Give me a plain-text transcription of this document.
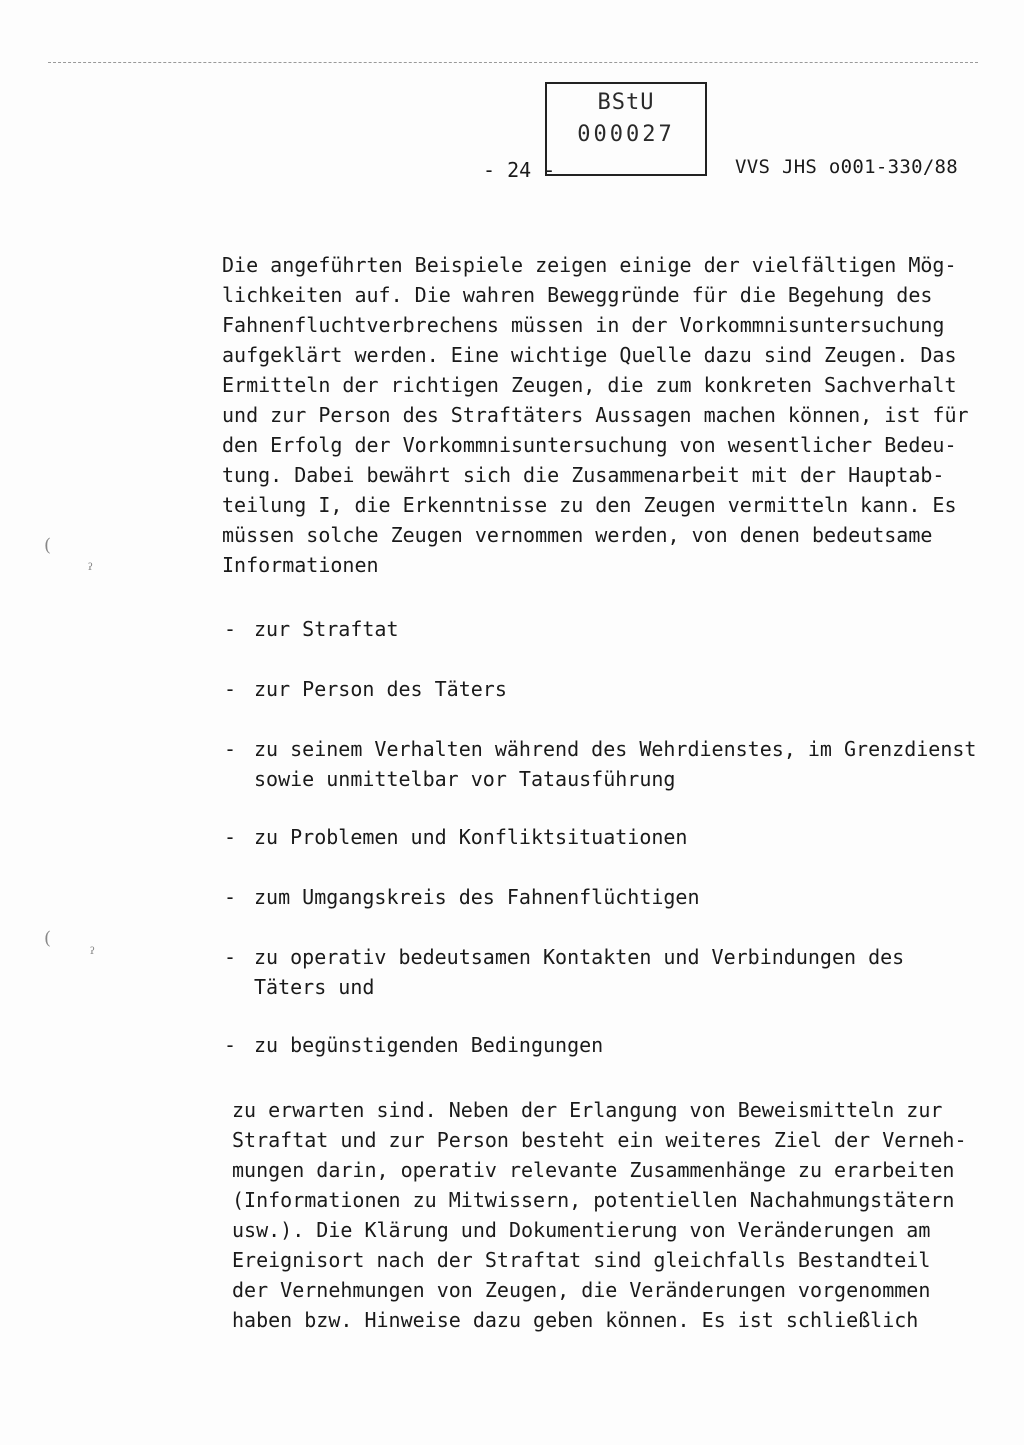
BStU
000027
- 24 -	VVS JHS o001-330/88
(
ˀ
(
ˀ

Die angeführten Beispiele zeigen einige der vielfältigen Mög-
lichkeiten auf. Die wahren Beweggründe für die Begehung des
Fahnenfluchtverbrechens müssen in der Vorkommnisuntersuchung
aufgeklärt werden. Eine wichtige Quelle dazu sind Zeugen. Das
Ermitteln der richtigen Zeugen, die zum konkreten Sachverhalt
und zur Person des Straftäters Aussagen machen können, ist für
den Erfolg der Vorkommnisuntersuchung von wesentlicher Bedeu-
tung. Dabei bewährt sich die Zusammenarbeit mit der Hauptab-
teilung I, die Erkenntnisse zu den Zeugen vermitteln kann. Es
müssen solche Zeugen vernommen werden, von denen bedeutsame
Informationen

- zur Straftat
- zur Person des Täters
- zu seinem Verhalten während des Wehrdienstes, im Grenzdienst
sowie unmittelbar vor Tatausführung
- zu Problemen und Konfliktsituationen
- zum Umgangskreis des Fahnenflüchtigen
- zu operativ bedeutsamen Kontakten und Verbindungen des
Täters und
- zu begünstigenden Bedingungen

zu erwarten sind. Neben der Erlangung von Beweismitteln zur
Straftat und zur Person besteht ein weiteres Ziel der Verneh-
mungen darin, operativ relevante Zusammenhänge zu erarbeiten
(Informationen zu Mitwissern, potentiellen Nachahmungstätern
usw.). Die Klärung und Dokumentierung von Veränderungen am
Ereignisort nach der Straftat sind gleichfalls Bestandteil
der Vernehmungen von Zeugen, die Veränderungen vorgenommen
haben bzw. Hinweise dazu geben können. Es ist schließlich
